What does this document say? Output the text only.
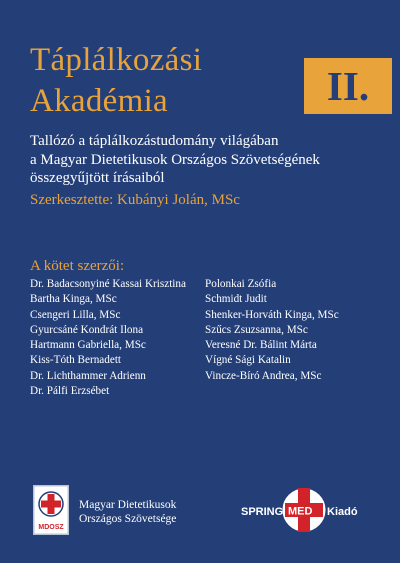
Táplálkozási
Akadémia	II.
Tallózó a táplálkozástudomány világában
a Magyar Dietetikusok Országos Szövetségének
összegyűjtött írásaiból
Szerkesztette: Kubányi Jolán, MSc
A kötet szerzői:
Dr. Badacsonyiné Kassai Krisztina
Bartha Kinga, MSc
Csengeri Lilla, MSc
Gyurcsáné Kondrát Ilona
Hartmann Gabriella, MSc
Kiss-Tóth Bernadett
Dr. Lichthammer Adrienn
Dr. Pálfi Erzsébet
Polonkai Zsófia
Schmidt Judit
Shenker-Horváth Kinga, MSc
Szűcs Zsuzsanna, MSc
Veresné Dr. Bálint Márta
Vígné Sági Katalin
Vincze-Bíró Andrea, MSc
MDOSZ
Magyar Dietetikusok
Országos Szövetsége
SPRING MED Kiadó
